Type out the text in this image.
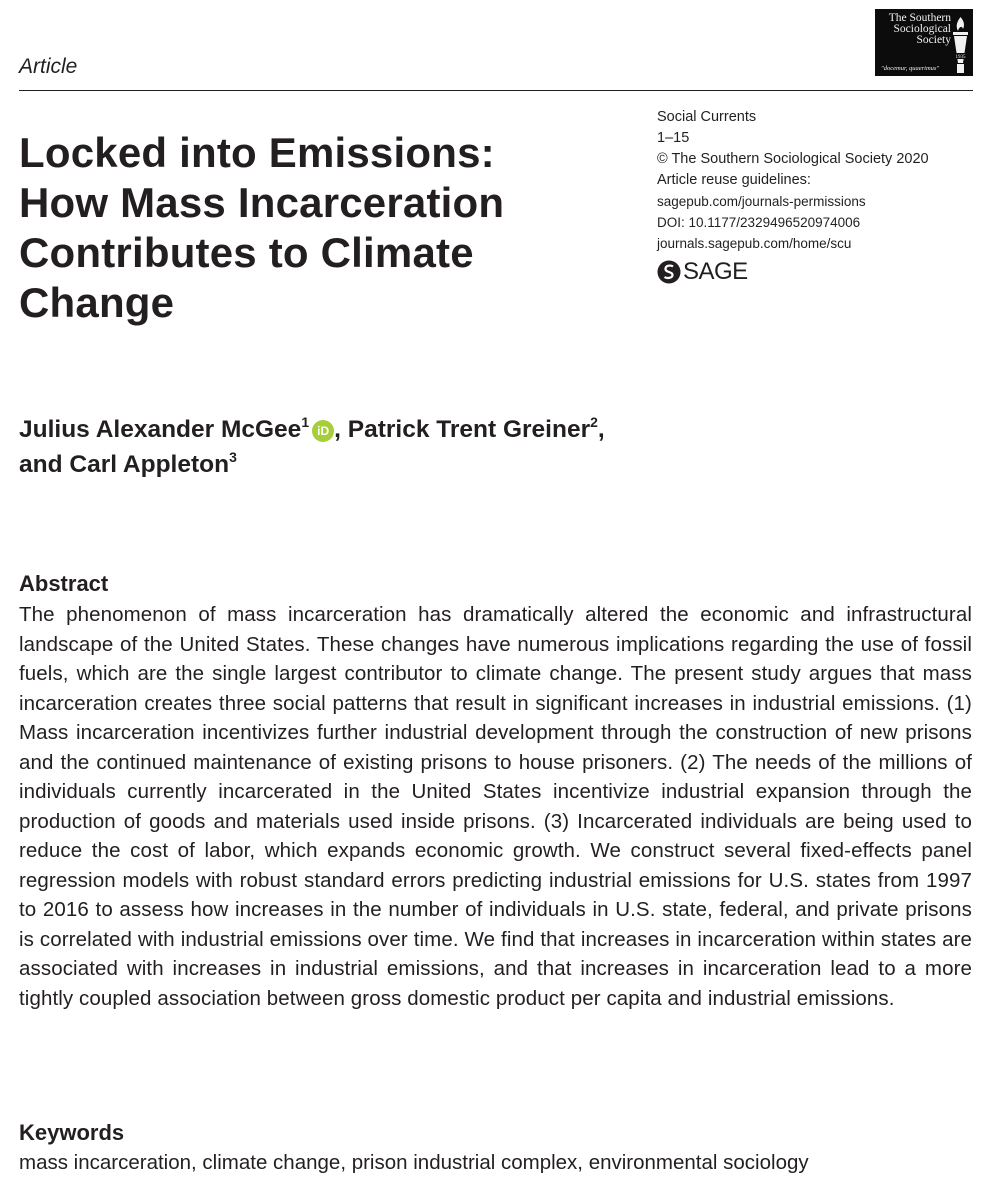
Article
The Southern Sociological Society
"docemur, quaerimus"
1935
Locked into Emissions: How Mass Incarceration Contributes to Climate Change
Social Currents
1–15
© The Southern Sociological Society 2020
Article reuse guidelines:
sagepub.com/journals-permissions
DOI: 10.1177/2329496520974006
journals.sagepub.com/home/scu
SAGE
Julius Alexander McGee$^1$iD , Patrick Trent Greiner$^2$,
and Carl Appleton$^3$
Abstract

The phenomenon of mass incarceration has dramatically altered the economic and infrastructural landscape of the United States. These changes have numerous implications regarding the use of fossil fuels, which are the single largest contributor to climate change. The present study argues that mass incarceration creates three social patterns that result in significant increases in industrial emissions. (1) Mass incarceration incentivizes further industrial development through the construction of new prisons and the continued maintenance of existing prisons to house prisoners. (2) The needs of the millions of individuals currently incarcerated in the United States incentivize industrial expansion through the production of goods and materials used inside prisons. (3) Incarcerated individuals are being used to reduce the cost of labor, which expands economic growth. We construct several fixed-effects panel regression models with robust standard errors predicting industrial emissions for U.S. states from 1997 to 2016 to assess how increases in the number of individuals in U.S. state, federal, and private prisons is correlated with industrial emissions over time. We find that increases in incarceration within states are associated with increases in industrial emissions, and that increases in incarceration lead to a more tightly coupled association between gross domestic product per capita and industrial emissions.

Keywords
mass incarceration, climate change, prison industrial complex, environmental sociology
